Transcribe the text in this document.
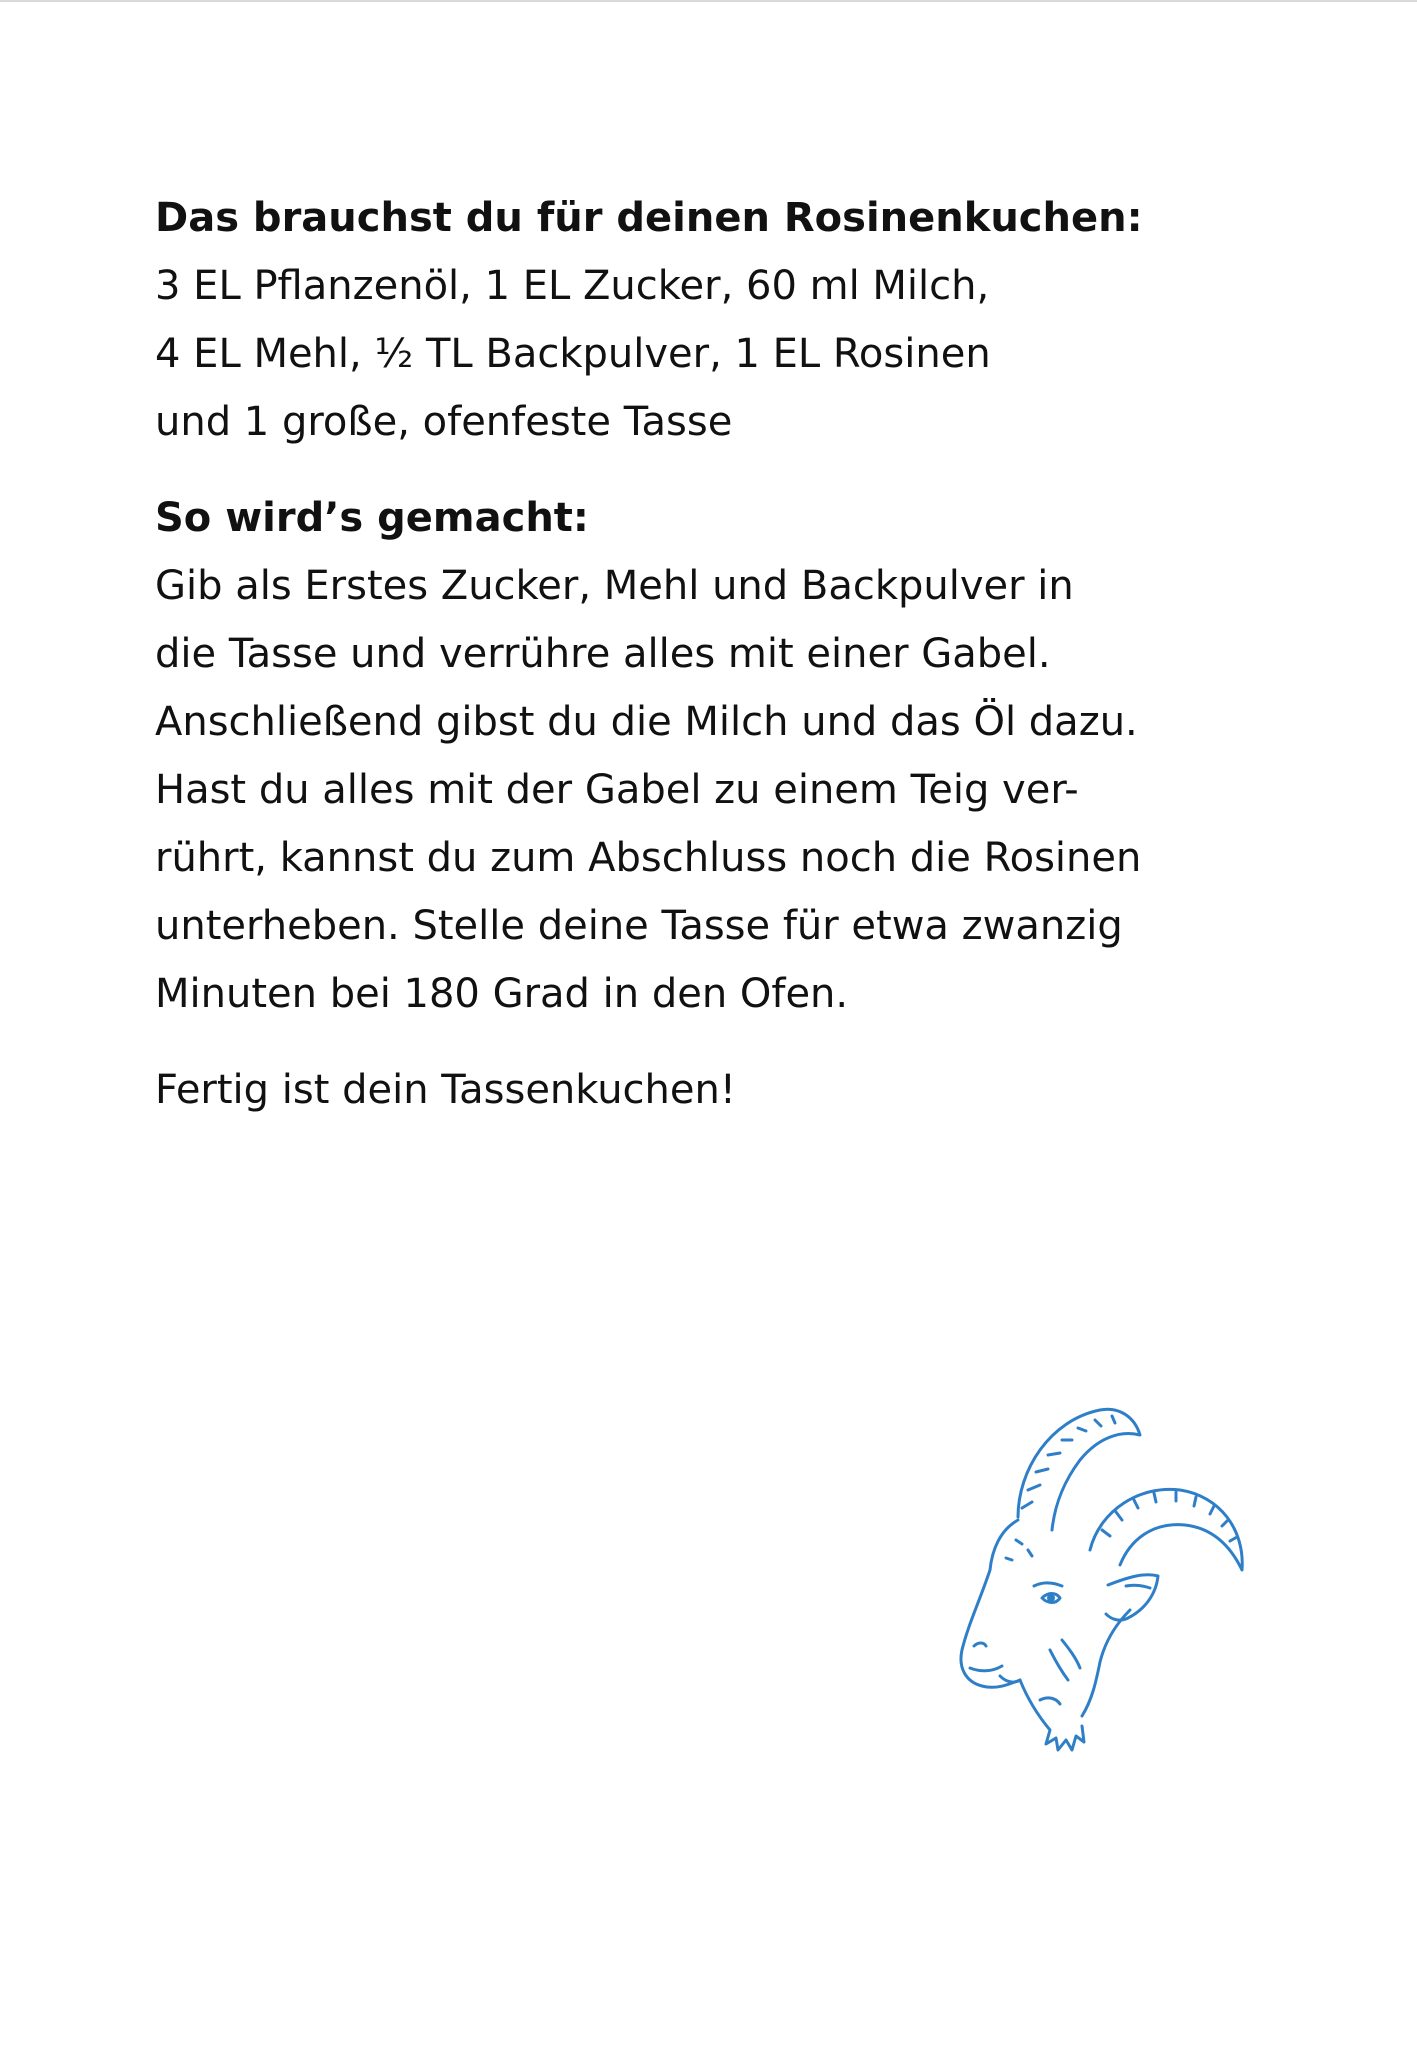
Das brauchst du für deinen Rosinenkuchen:

3 EL Pflanzenöl, 1 EL Zucker, 60 ml Milch,

4 EL Mehl, ½ TL Backpulver, 1 EL Rosinen

und 1 große, ofenfeste Tasse

So wird’s gemacht:

Gib als Erstes Zucker, Mehl und Backpulver in

die Tasse und verrühre alles mit einer Gabel.

Anschließend gibst du die Milch und das Öl dazu.

Hast du alles mit der Gabel zu einem Teig ver-

rührt, kannst du zum Abschluss noch die Rosinen

unterheben. Stelle deine Tasse für etwa zwanzig

Minuten bei 180 Grad in den Ofen.

Fertig ist dein Tassenkuchen!
